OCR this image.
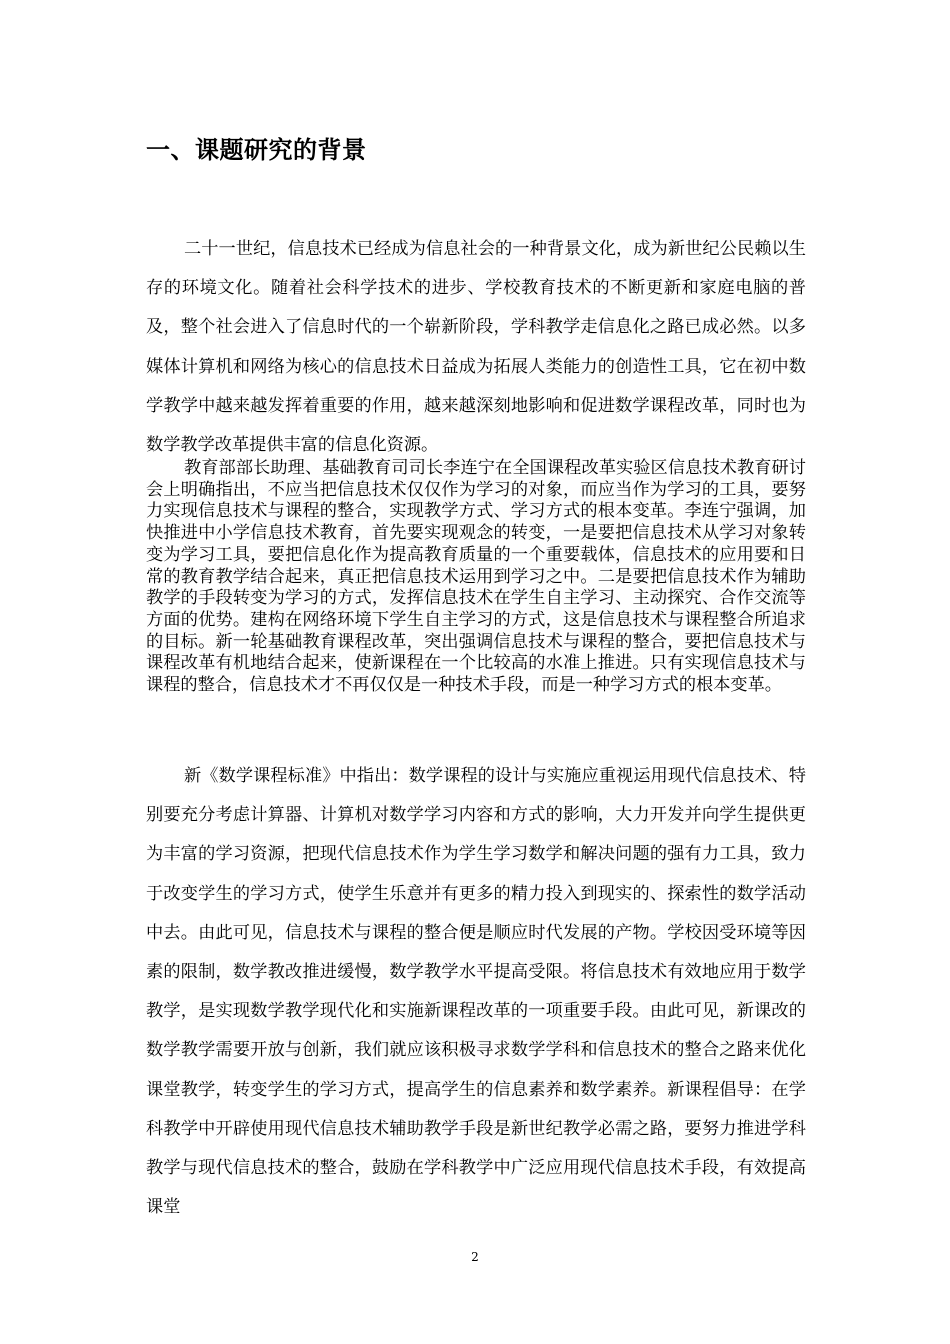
一、课题研究的背景

二十一世纪，信息技术已经成为信息社会的一种背景文化，成为新世纪公民赖以生存的环境文化。随着社会科学技术的进步、学校教育技术的不断更新和家庭电脑的普及，整个社会进入了信息时代的一个崭新阶段，学科教学走信息化之路已成必然。以多媒体计算机和网络为核心的信息技术日益成为拓展人类能力的创造性工具，它在初中数学教学中越来越发挥着重要的作用，越来越深刻地影响和促进数学课程改革，同时也为数学教学改革提供丰富的信息化资源。

教育部部长助理、基础教育司司长李连宁在全国课程改革实验区信息技术教育研讨会上明确指出，不应当把信息技术仅仅作为学习的对象，而应当作为学习的工具，要努力实现信息技术与课程的整合，实现教学方式、学习方式的根本变革。李连宁强调，加快推进中小学信息技术教育，首先要实现观念的转变，一是要把信息技术从学习对象转变为学习工具，要把信息化作为提高教育质量的一个重要载体，信息技术的应用要和日常的教育教学结合起来，真正把信息技术运用到学习之中。二是要把信息技术作为辅助教学的手段转变为学习的方式，发挥信息技术在学生自主学习、主动探究、合作交流等方面的优势。建构在网络环境下学生自主学习的方式，这是信息技术与课程整合所追求的目标。新一轮基础教育课程改革，突出强调信息技术与课程的整合，要把信息技术与课程改革有机地结合起来，使新课程在一个比较高的水准上推进。只有实现信息技术与课程的整合，信息技术才不再仅仅是一种技术手段，而是一种学习方式的根本变革。

新《数学课程标准》中指出：数学课程的设计与实施应重视运用现代信息技术、特别要充分考虑计算器、计算机对数学学习内容和方式的影响，大力开发并向学生提供更为丰富的学习资源，把现代信息技术作为学生学习数学和解决问题的强有力工具，致力于改变学生的学习方式，使学生乐意并有更多的精力投入到现实的、探索性的数学活动中去。由此可见，信息技术与课程的整合便是顺应时代发展的产物。学校因受环境等因素的限制，数学教改推进缓慢，数学教学水平提高受限。将信息技术有效地应用于数学教学，是实现数学教学现代化和实施新课程改革的一项重要手段。由此可见，新课改的数学教学需要开放与创新，我们就应该积极寻求数学学科和信息技术的整合之路来优化课堂教学，转变学生的学习方式，提高学生的信息素养和数学素养。新课程倡导：在学科教学中开辟使用现代信息技术辅助教学手段是新世纪教学必需之路，要努力推进学科教学与现代信息技术的整合，鼓励在学科教学中广泛应用现代信息技术手段，有效提高课堂

2
